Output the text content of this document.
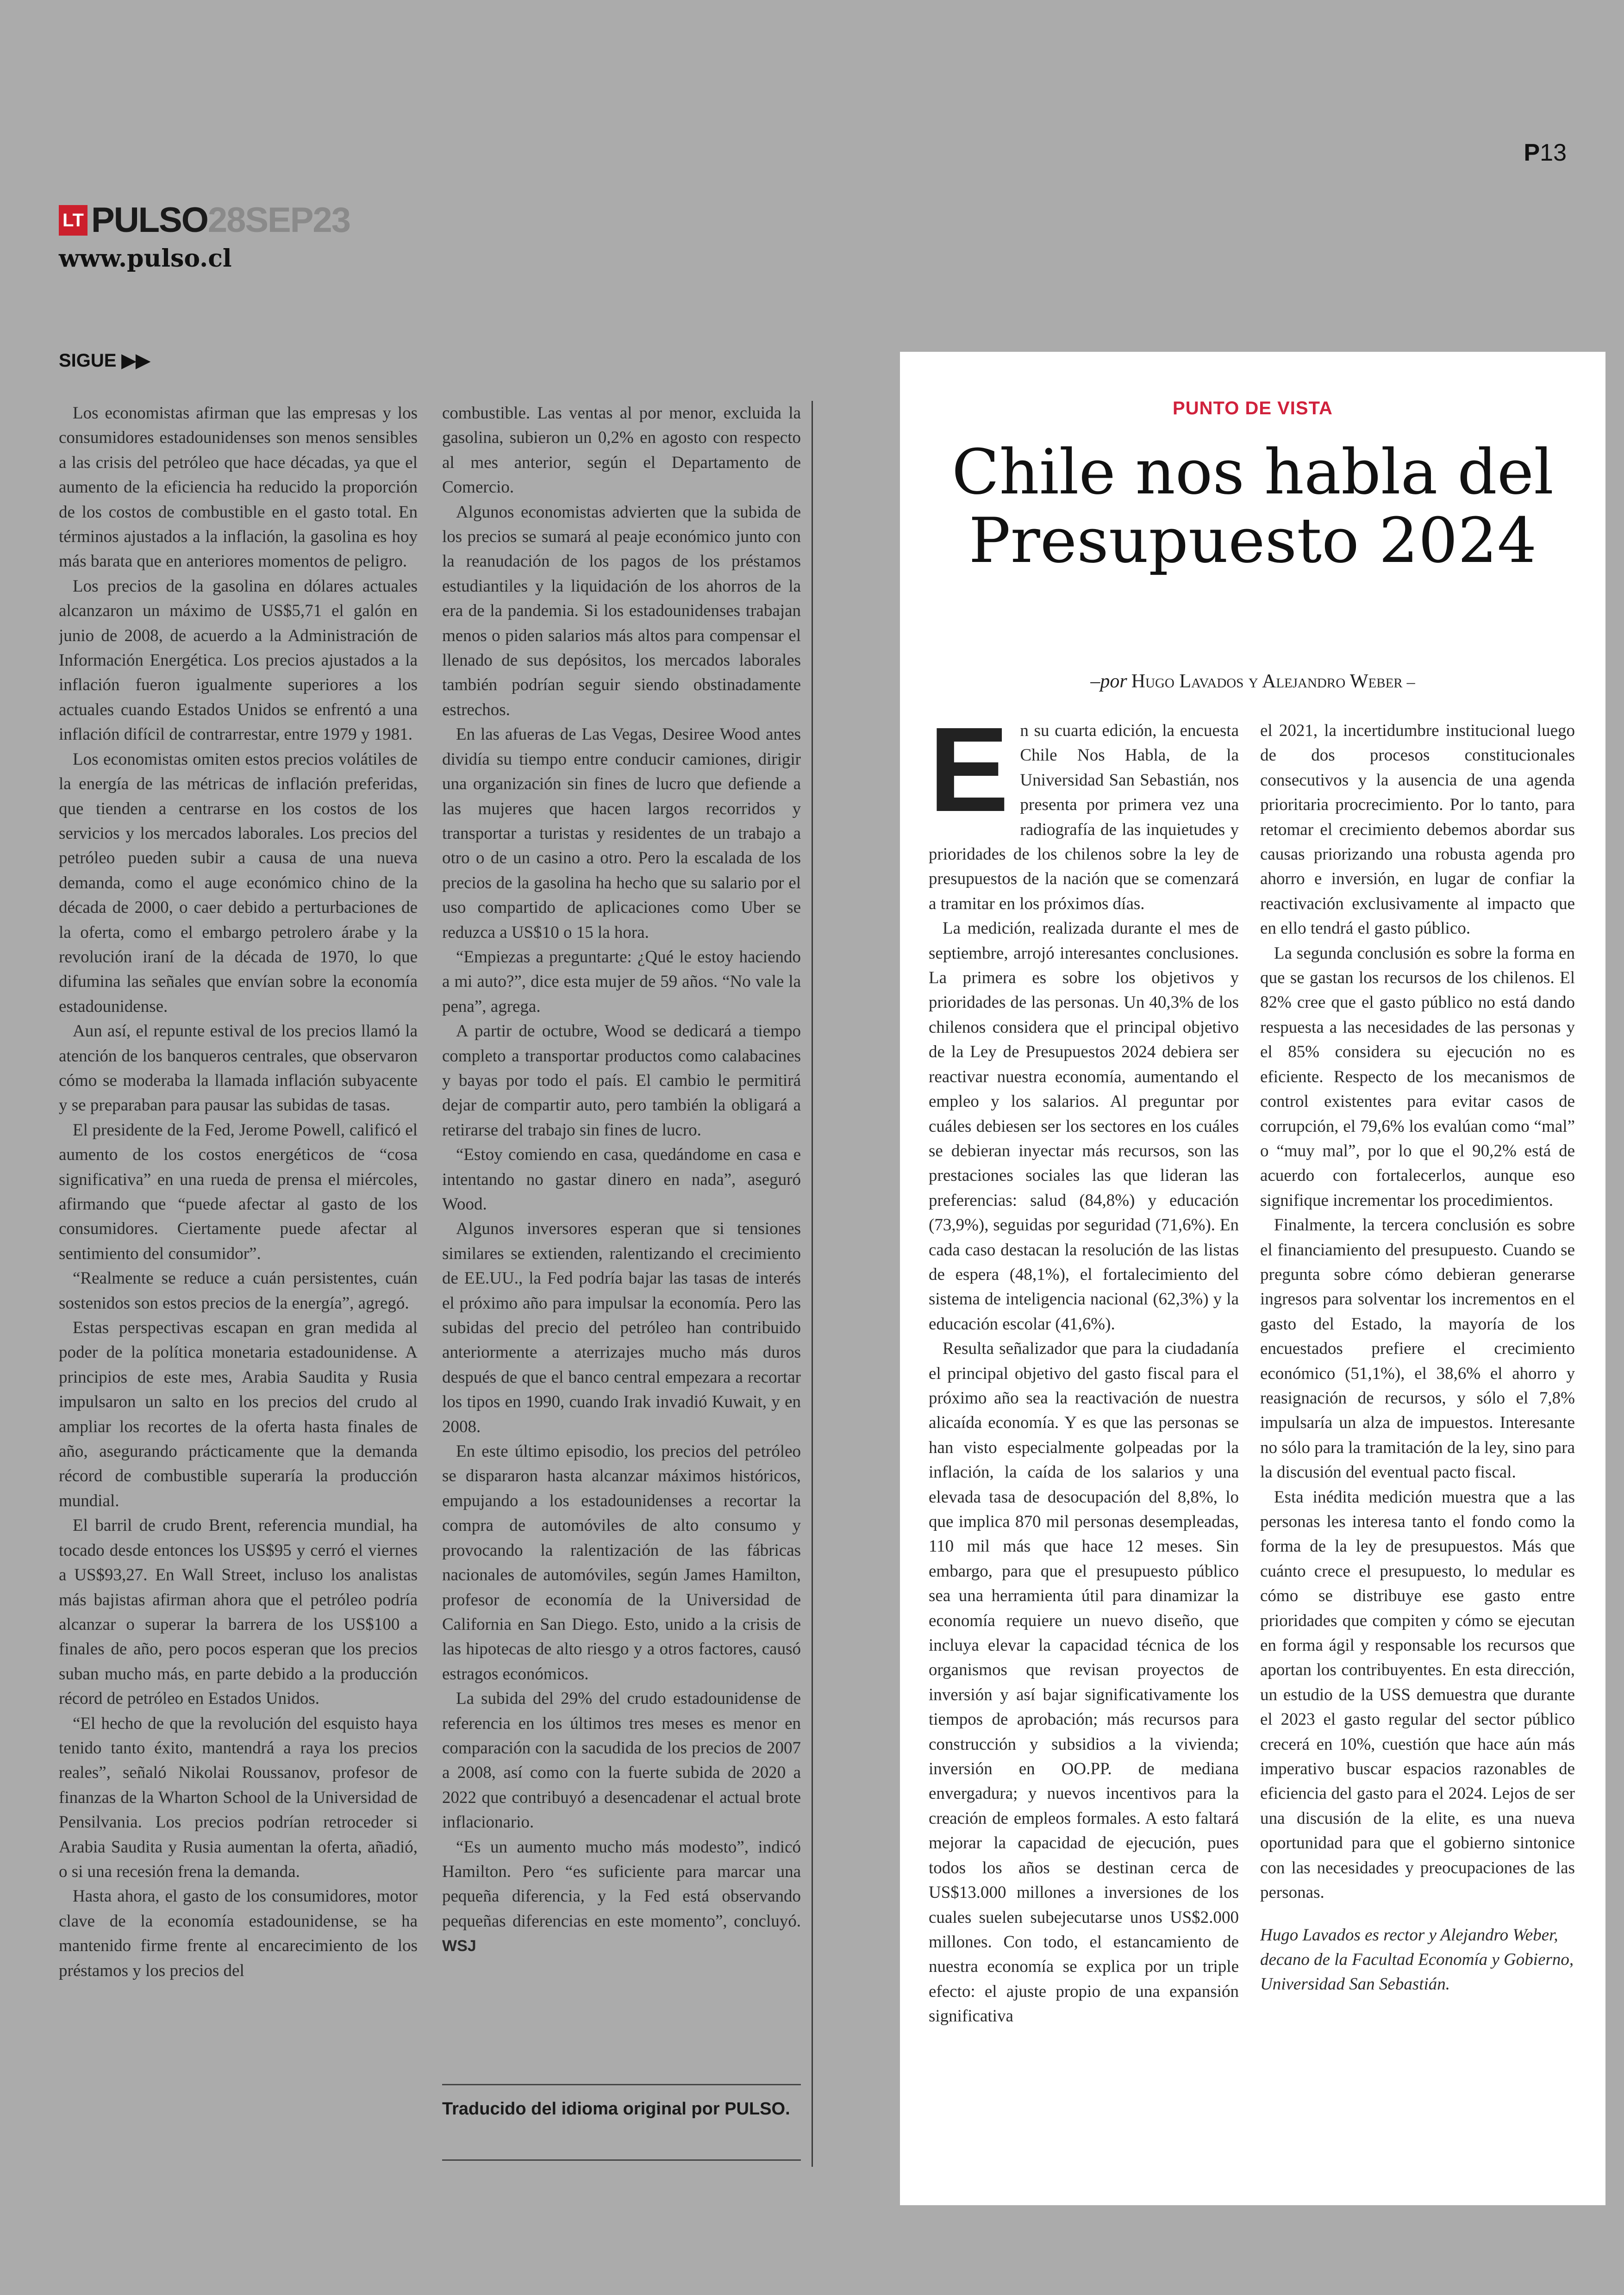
P13
LT PULSO 28SEP23
www.pulso.cl
SIGUE ▶▶

Los economistas afirman que las empresas y los consumidores estadounidenses son menos sensibles a las crisis del petróleo que hace décadas, ya que el aumento de la eficiencia ha reducido la proporción de los costos de combustible en el gasto total. En términos ajustados a la inflación, la gasolina es hoy más barata que en anteriores momentos de peligro.

Los precios de la gasolina en dólares actuales alcanzaron un máximo de US$5,71 el galón en junio de 2008, de acuerdo a la Administración de Información Energética. Los precios ajustados a la inflación fueron igualmente superiores a los actuales cuando Estados Unidos se enfrentó a una inflación difícil de contrarrestar, entre 1979 y 1981.

Los economistas omiten estos precios volátiles de la energía de las métricas de inflación preferidas, que tienden a centrarse en los costos de los servicios y los mercados laborales. Los precios del petróleo pueden subir a causa de una nueva demanda, como el auge económico chino de la década de 2000, o caer debido a perturbaciones de la oferta, como el embargo petrolero árabe y la revolución iraní de la década de 1970, lo que difumina las señales que envían sobre la economía estadounidense.

Aun así, el repunte estival de los precios llamó la atención de los banqueros centrales, que observaron cómo se moderaba la llamada inflación subyacente y se preparaban para pausar las subidas de tasas.

El presidente de la Fed, Jerome Powell, calificó el aumento de los costos energéticos de “cosa significativa” en una rueda de prensa el miércoles, afirmando que “puede afectar al gasto de los consumidores. Ciertamente puede afectar al sentimiento del consumidor”.

“Realmente se reduce a cuán persistentes, cuán sostenidos son estos precios de la energía”, agregó.

Estas perspectivas escapan en gran medida al poder de la política monetaria estadounidense. A principios de este mes, Arabia Saudita y Rusia impulsaron un salto en los precios del crudo al ampliar los recortes de la oferta hasta finales de año, asegurando prácticamente que la demanda récord de combustible superaría la producción mundial.

El barril de crudo Brent, referencia mundial, ha tocado desde entonces los US$95 y cerró el viernes a US$93,27. En Wall Street, incluso los analistas más bajistas afirman ahora que el petróleo podría alcanzar o superar la barrera de los US$100 a finales de año, pero pocos esperan que los precios suban mucho más, en parte debido a la producción récord de petróleo en Estados Unidos.

“El hecho de que la revolución del esquisto haya tenido tanto éxito, mantendrá a raya los precios reales”, señaló Nikolai Roussanov, profesor de finanzas de la Wharton School de la Universidad de Pensilvania. Los precios podrían retroceder si Arabia Saudita y Rusia aumentan la oferta, añadió, o si una recesión frena la demanda.

Hasta ahora, el gasto de los consumidores, motor clave de la economía estadounidense, se ha mantenido firme frente al encarecimiento de los préstamos y los precios del

combustible. Las ventas al por menor, excluida la gasolina, subieron un 0,2% en agosto con respecto al mes anterior, según el Departamento de Comercio.

Algunos economistas advierten que la subida de los precios se sumará al peaje económico junto con la reanudación de los pagos de los préstamos estudiantiles y la liquidación de los ahorros de la era de la pandemia. Si los estadounidenses trabajan menos o piden salarios más altos para compensar el llenado de sus depósitos, los mercados laborales también podrían seguir siendo obstinadamente estrechos.

En las afueras de Las Vegas, Desiree Wood antes dividía su tiempo entre conducir camiones, dirigir una organización sin fines de lucro que defiende a las mujeres que hacen largos recorridos y transportar a turistas y residentes de un trabajo a otro o de un casino a otro. Pero la escalada de los precios de la gasolina ha hecho que su salario por el uso compartido de aplicaciones como Uber se reduzca a US$10 o 15 la hora.

“Empiezas a preguntarte: ¿Qué le estoy haciendo a mi auto?”, dice esta mujer de 59 años. “No vale la pena”, agrega.

A partir de octubre, Wood se dedicará a tiempo completo a transportar productos como calabacines y bayas por todo el país. El cambio le permitirá dejar de compartir auto, pero también la obligará a retirarse del trabajo sin fines de lucro.

“Estoy comiendo en casa, quedándome en casa e intentando no gastar dinero en nada”, aseguró Wood.

Algunos inversores esperan que si tensiones similares se extienden, ralentizando el crecimiento de EE.UU., la Fed podría bajar las tasas de interés el próximo año para impulsar la economía. Pero las subidas del precio del petróleo han contribuido anteriormente a aterrizajes mucho más duros después de que el banco central empezara a recortar los tipos en 1990, cuando Irak invadió Kuwait, y en 2008.

En este último episodio, los precios del petróleo se dispararon hasta alcanzar máximos históricos, empujando a los estadounidenses a recortar la compra de automóviles de alto consumo y provocando la ralentización de las fábricas nacionales de automóviles, según James Hamilton, profesor de economía de la Universidad de California en San Diego. Esto, unido a la crisis de las hipotecas de alto riesgo y a otros factores, causó estragos económicos.

La subida del 29% del crudo estadounidense de referencia en los últimos tres meses es menor en comparación con la sacudida de los precios de 2007 a 2008, así como con la fuerte subida de 2020 a 2022 que contribuyó a desencadenar el actual brote inflacionario.

“Es un aumento mucho más modesto”, indicó Hamilton. Pero “es suficiente para marcar una pequeña diferencia, y la Fed está observando pequeñas diferencias en este momento”, concluyó. WSJ

Traducido del idioma original por PULSO.
PUNTO DE VISTA
Chile nos habla del Presupuesto 2024
–por Hugo Lavados y Alejandro Weber –

En su cuarta edición, la encuesta Chile Nos Habla, de la Universidad San Sebastián, nos presenta por primera vez una radiografía de las inquietudes y prioridades de los chilenos sobre la ley de presupuestos de la nación que se comenzará a tramitar en los próximos días.

La medición, realizada durante el mes de septiembre, arrojó interesantes conclusiones. La primera es sobre los objetivos y prioridades de las personas. Un 40,3% de los chilenos considera que el principal objetivo de la Ley de Presupuestos 2024 debiera ser reactivar nuestra economía, aumentando el empleo y los salarios. Al preguntar por cuáles debiesen ser los sectores en los cuáles se debieran inyectar más recursos, son las prestaciones sociales las que lideran las preferencias: salud (84,8%) y educación (73,9%), seguidas por seguridad (71,6%). En cada caso destacan la resolución de las listas de espera (48,1%), el fortalecimiento del sistema de inteligencia nacional (62,3%) y la educación escolar (41,6%).

Resulta señalizador que para la ciudadanía el principal objetivo del gasto fiscal para el próximo año sea la reactivación de nuestra alicaída economía. Y es que las personas se han visto especialmente golpeadas por la inflación, la caída de los salarios y una elevada tasa de desocupación del 8,8%, lo que implica 870 mil personas desempleadas, 110 mil más que hace 12 meses. Sin embargo, para que el presupuesto público sea una herramienta útil para dinamizar la economía requiere un nuevo diseño, que incluya elevar la capacidad técnica de los organismos que revisan proyectos de inversión y así bajar significativamente los tiempos de aprobación; más recursos para construcción y subsidios a la vivienda; inversión en OO.PP. de mediana envergadura; y nuevos incentivos para la creación de empleos formales. A esto faltará mejorar la capacidad de ejecución, pues todos los años se destinan cerca de US$13.000 millones a inversiones de los cuales suelen subejecutarse unos US$2.000 millones. Con todo, el estancamiento de nuestra economía se explica por un triple efecto: el ajuste propio de una expansión significativa

el 2021, la incertidumbre institucional luego de dos procesos constitucionales consecutivos y la ausencia de una agenda prioritaria procrecimiento. Por lo tanto, para retomar el crecimiento debemos abordar sus causas priorizando una robusta agenda pro ahorro e inversión, en lugar de confiar la reactivación exclusivamente al impacto que en ello tendrá el gasto público.

La segunda conclusión es sobre la forma en que se gastan los recursos de los chilenos. El 82% cree que el gasto público no está dando respuesta a las necesidades de las personas y el 85% considera su ejecución no es eficiente. Respecto de los mecanismos de control existentes para evitar casos de corrupción, el 79,6% los evalúan como “mal” o “muy mal”, por lo que el 90,2% está de acuerdo con fortalecerlos, aunque eso signifique incrementar los procedimientos.

Finalmente, la tercera conclusión es sobre el financiamiento del presupuesto. Cuando se pregunta sobre cómo debieran generarse ingresos para solventar los incrementos en el gasto del Estado, la mayoría de los encuestados prefiere el crecimiento económico (51,1%), el 38,6% el ahorro y reasignación de recursos, y sólo el 7,8% impulsaría un alza de impuestos. Interesante no sólo para la tramitación de la ley, sino para la discusión del eventual pacto fiscal.

Esta inédita medición muestra que a las personas les interesa tanto el fondo como la forma de la ley de presupuestos. Más que cuánto crece el presupuesto, lo medular es cómo se distribuye ese gasto entre prioridades que compiten y cómo se ejecutan en forma ágil y responsable los recursos que aportan los contribuyentes. En esta dirección, un estudio de la USS demuestra que durante el 2023 el gasto regular del sector público crecerá en 10%, cuestión que hace aún más imperativo buscar espacios razonables de eficiencia del gasto para el 2024. Lejos de ser una discusión de la elite, es una nueva oportunidad para que el gobierno sintonice con las necesidades y preocupaciones de las personas.

Hugo Lavados es rector y Alejandro Weber, decano de la Facultad Economía y Gobierno, Universidad San Sebastián.
